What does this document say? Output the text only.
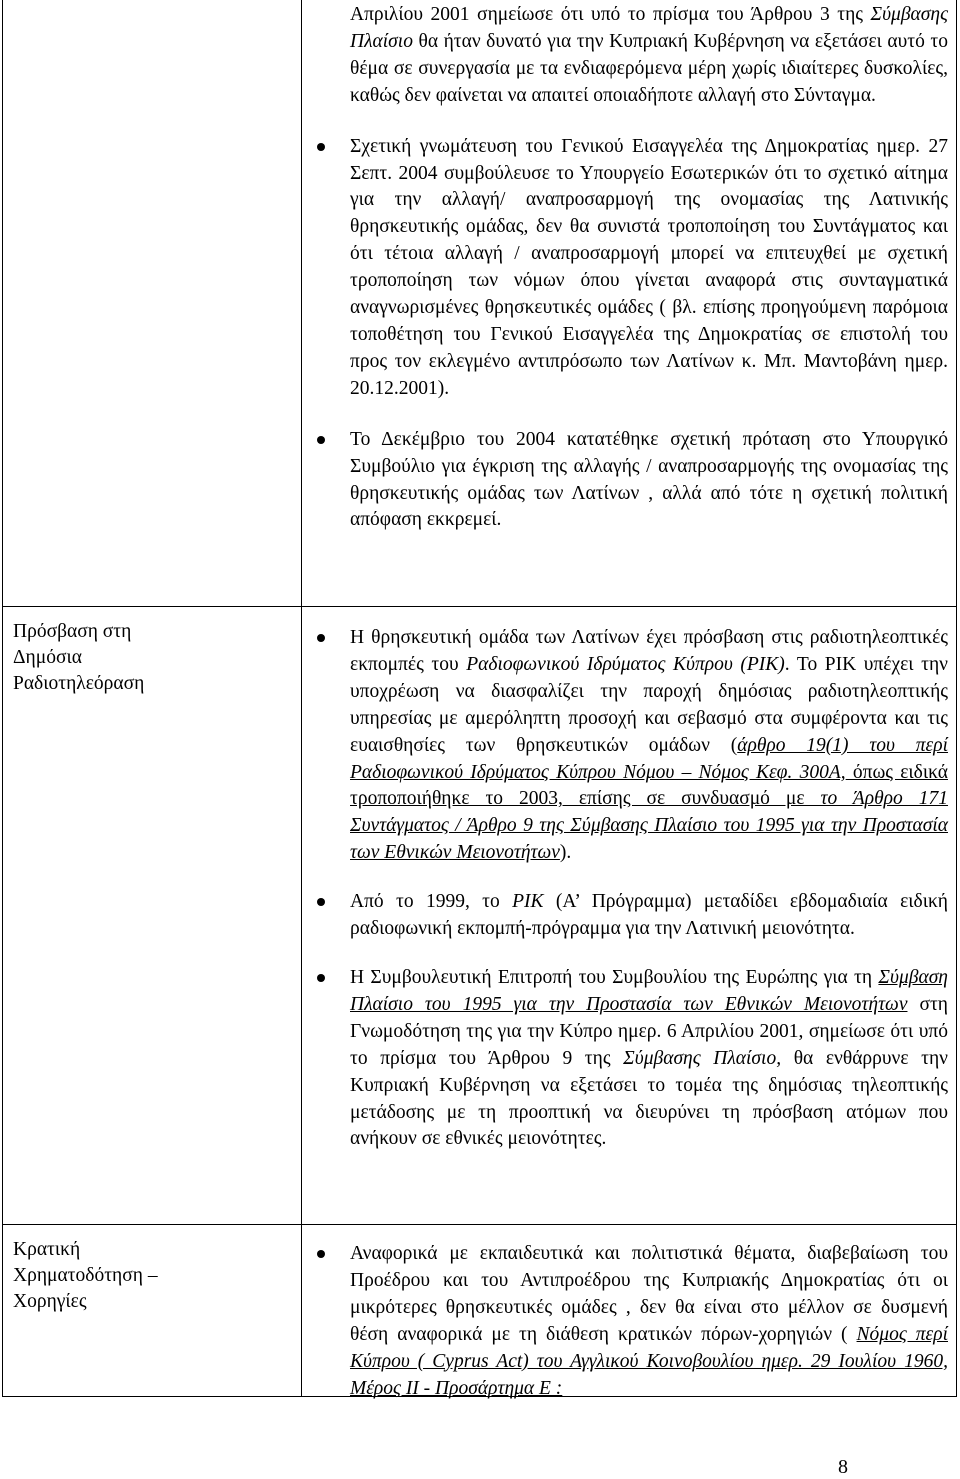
Απριλίου 2001 σημείωσε ότι υπό το πρίσμα του Άρθρου 3 της Σύμβασης Πλαίσιο θα ήταν δυνατό για την Κυπριακή Κυβέρνηση να εξετάσει αυτό το θέμα σε συνεργασία με τα ενδιαφερόμενα μέρη χωρίς ιδιαίτερες δυσκολίες, καθώς δεν φαίνεται να απαιτεί οποιαδήποτε αλλαγή στο Σύνταγμα.
Σχετική γνωμάτευση του Γενικού Εισαγγελέα της Δημοκρατίας ημερ. 27 Σεπτ. 2004 συμβούλευσε το Υπουργείο Εσωτερικών ότι το σχετικό αίτημα για την αλλαγή/ αναπροσαρμογή της ονομασίας της Λατινικής θρησκευτικής ομάδας, δεν θα συνιστά τροποποίηση του Συντάγματος και ότι τέτοια αλλαγή / αναπροσαρμογή μπορεί να επιτευχθεί με σχετική τροποποίηση των νόμων όπου γίνεται αναφορά στις συνταγματικά αναγνωρισμένες θρησκευτικές ομάδες ( βλ. επίσης προηγούμενη παρόμοια τοποθέτηση του Γενικού Εισαγγελέα της Δημοκρατίας σε επιστολή του προς τον εκλεγμένο αντιπρόσωπο των Λατίνων κ. Μπ. Μαντοβάνη ημερ. 20.12.2001).
Το Δεκέμβριο του 2004 κατατέθηκε σχετική πρόταση στο Υπουργικό Συμβούλιο για έγκριση της αλλαγής / αναπροσαρμογής της ονομασίας της θρησκευτικής ομάδας των Λατίνων , αλλά από τότε η σχετική πολιτική απόφαση εκκρεμεί.
Πρόσβαση στη Δημόσια Ραδιοτηλεόραση
Η θρησκευτική ομάδα των Λατίνων έχει πρόσβαση στις ραδιοτηλεοπτικές εκπομπές του Ραδιοφωνικού Ιδρύματος Κύπρου (ΡΙΚ). Το ΡΙΚ υπέχει την υποχρέωση να διασφαλίζει την παροχή δημόσιας ραδιοτηλεοπτικής υπηρεσίας με αμερόληπτη προσοχή και σεβασμό στα συμφέροντα και τις ευαισθησίες των θρησκευτικών ομάδων (άρθρο 19(1) του περί Ραδιοφωνικού Ιδρύματος Κύπρου Νόμου – Νόμος Κεφ. 300Α, όπως ειδικά τροποποιήθηκε το 2003, επίσης σε συνδυασμό με το Άρθρο 171 Συντάγματος / Άρθρο 9 της Σύμβασης Πλαίσιο του 1995 για την Προστασία των Εθνικών Μειονοτήτων).
Από το 1999, το ΡΙΚ (Α’ Πρόγραμμα) μεταδίδει εβδομαδιαία ειδική ραδιοφωνική εκπομπή-πρόγραμμα για την Λατινική μειονότητα.
Η Συμβουλευτική Επιτροπή του Συμβουλίου της Ευρώπης για τη Σύμβαση Πλαίσιο του 1995 για την Προστασία των Εθνικών Μειονοτήτων στη Γνωμοδότηση της για την Κύπρο ημερ. 6 Απριλίου 2001, σημείωσε ότι υπό το πρίσμα του Άρθρου 9 της Σύμβασης Πλαίσιο, θα ενθάρρυνε την Κυπριακή Κυβέρνηση να εξετάσει το τομέα της δημόσιας τηλεοπτικής μετάδοσης με τη προοπτική να διευρύνει τη πρόσβαση ατόμων που ανήκουν σε εθνικές μειονότητες.
Κρατική Χρηματοδότηση – Χορηγίες
Αναφορικά με εκπαιδευτικά και πολιτιστικά θέματα, διαβεβαίωση του Προέδρου και του Αντιπροέδρου της Κυπριακής Δημοκρατίας ότι οι μικρότερες θρησκευτικές ομάδες , δεν θα είναι στο μέλλον σε δυσμενή θέση αναφορικά με τη διάθεση κρατικών πόρων-χορηγιών ( Νόμος περί Κύπρου ( Cyprus Act) του Αγγλικού Κοινοβουλίου ημερ. 29 Ιουλίου 1960, Μέρος ΙΙ - Προσάρτημα Ε :
8
